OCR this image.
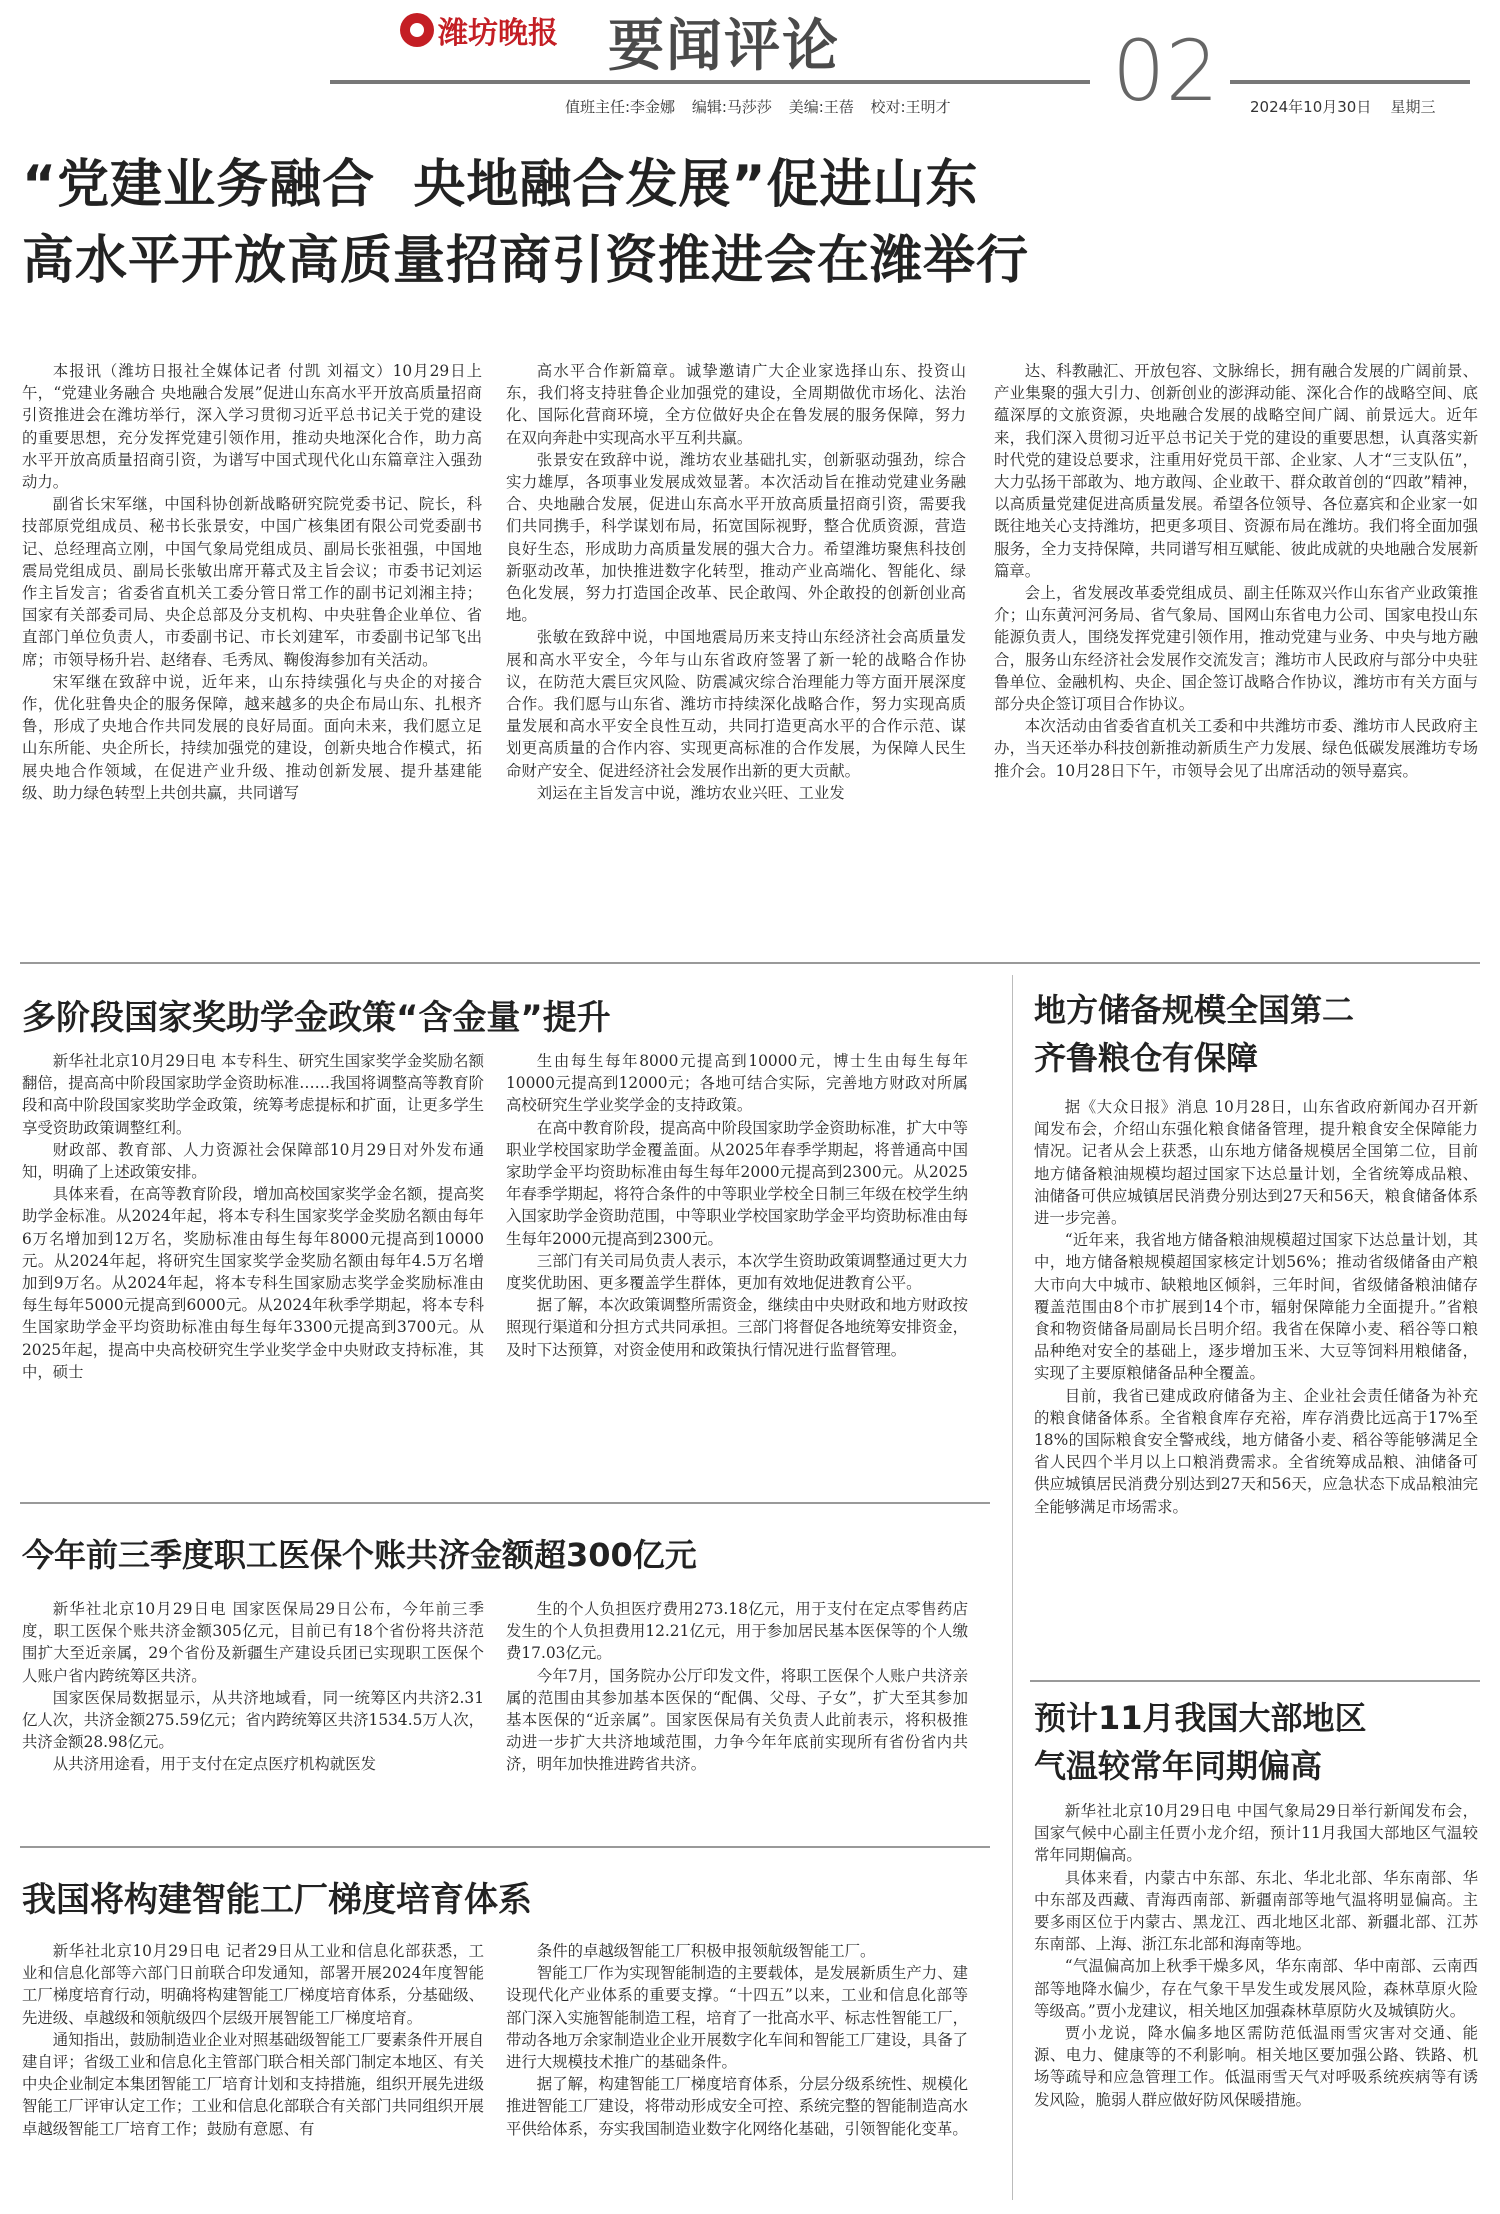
潍坊晚报 要闻评论	02
值班主任:李金娜 编辑:马莎莎 美编:王蓓 校对:王明才	2024年10月30日 星期三
“党建业务融合  央地融合发展”促进山东
高水平开放高质量招商引资推进会在潍举行

本报讯（潍坊日报社全媒体记者 付凯 刘福文）10月29日上午，“党建业务融合 央地融合发展”促进山东高水平开放高质量招商引资推进会在潍坊举行，深入学习贯彻习近平总书记关于党的建设的重要思想，充分发挥党建引领作用，推动央地深化合作，助力高水平开放高质量招商引资，为谱写中国式现代化山东篇章注入强劲动力。

副省长宋军继，中国科协创新战略研究院党委书记、院长，科技部原党组成员、秘书长张景安，中国广核集团有限公司党委副书记、总经理高立刚，中国气象局党组成员、副局长张祖强，中国地震局党组成员、副局长张敏出席开幕式及主旨会议；市委书记刘运作主旨发言；省委省直机关工委分管日常工作的副书记刘湘主持；国家有关部委司局、央企总部及分支机构、中央驻鲁企业单位、省直部门单位负责人，市委副书记、市长刘建军，市委副书记邹飞出席；市领导杨升岩、赵绪春、毛秀凤、鞠俊海参加有关活动。

宋军继在致辞中说，近年来，山东持续强化与央企的对接合作，优化驻鲁央企的服务保障，越来越多的央企布局山东、扎根齐鲁，形成了央地合作共同发展的良好局面。面向未来，我们愿立足山东所能、央企所长，持续加强党的建设，创新央地合作模式，拓展央地合作领域，在促进产业升级、推动创新发展、提升基建能级、助力绿色转型上共创共赢，共同谱写

高水平合作新篇章。诚挚邀请广大企业家选择山东、投资山东，我们将支持驻鲁企业加强党的建设，全周期做优市场化、法治化、国际化营商环境，全方位做好央企在鲁发展的服务保障，努力在双向奔赴中实现高水平互利共赢。

张景安在致辞中说，潍坊农业基础扎实，创新驱动强劲，综合实力雄厚，各项事业发展成效显著。本次活动旨在推动党建业务融合、央地融合发展，促进山东高水平开放高质量招商引资，需要我们共同携手，科学谋划布局，拓宽国际视野，整合优质资源，营造良好生态，形成助力高质量发展的强大合力。希望潍坊聚焦科技创新驱动改革，加快推进数字化转型，推动产业高端化、智能化、绿色化发展，努力打造国企改革、民企敢闯、外企敢投的创新创业高地。

张敏在致辞中说，中国地震局历来支持山东经济社会高质量发展和高水平安全，今年与山东省政府签署了新一轮的战略合作协议，在防范大震巨灾风险、防震减灾综合治理能力等方面开展深度合作。我们愿与山东省、潍坊市持续深化战略合作，努力实现高质量发展和高水平安全良性互动，共同打造更高水平的合作示范、谋划更高质量的合作内容、实现更高标准的合作发展，为保障人民生命财产安全、促进经济社会发展作出新的更大贡献。

刘运在主旨发言中说，潍坊农业兴旺、工业发

达、科教融汇、开放包容、文脉绵长，拥有融合发展的广阔前景、产业集聚的强大引力、创新创业的澎湃动能、深化合作的战略空间、底蕴深厚的文旅资源，央地融合发展的战略空间广阔、前景远大。近年来，我们深入贯彻习近平总书记关于党的建设的重要思想，认真落实新时代党的建设总要求，注重用好党员干部、企业家、人才“三支队伍”，大力弘扬干部敢为、地方敢闯、企业敢干、群众敢首创的“四敢”精神，以高质量党建促进高质量发展。希望各位领导、各位嘉宾和企业家一如既往地关心支持潍坊，把更多项目、资源布局在潍坊。我们将全面加强服务，全力支持保障，共同谱写相互赋能、彼此成就的央地融合发展新篇章。

会上，省发展改革委党组成员、副主任陈双兴作山东省产业政策推介；山东黄河河务局、省气象局、国网山东省电力公司、国家电投山东能源负责人，围绕发挥党建引领作用，推动党建与业务、中央与地方融合，服务山东经济社会发展作交流发言；潍坊市人民政府与部分中央驻鲁单位、金融机构、央企、国企签订战略合作协议，潍坊市有关方面与部分央企签订项目合作协议。

本次活动由省委省直机关工委和中共潍坊市委、潍坊市人民政府主办，当天还举办科技创新推动新质生产力发展、绿色低碳发展潍坊专场推介会。10月28日下午，市领导会见了出席活动的领导嘉宾。

多阶段国家奖助学金政策“含金量”提升

新华社北京10月29日电 本专科生、研究生国家奖学金奖励名额翻倍，提高高中阶段国家助学金资助标准……我国将调整高等教育阶段和高中阶段国家奖助学金政策，统筹考虑提标和扩面，让更多学生享受资助政策调整红利。

财政部、教育部、人力资源社会保障部10月29日对外发布通知，明确了上述政策安排。

具体来看，在高等教育阶段，增加高校国家奖学金名额，提高奖助学金标准。从2024年起，将本专科生国家奖学金奖励名额由每年6万名增加到12万名，奖励标准由每生每年8000元提高到10000元。从2024年起，将研究生国家奖学金奖励名额由每年4.5万名增加到9万名。从2024年起，将本专科生国家励志奖学金奖励标准由每生每年5000元提高到6000元。从2024年秋季学期起，将本专科生国家助学金平均资助标准由每生每年3300元提高到3700元。从2025年起，提高中央高校研究生学业奖学金中央财政支持标准，其中，硕士

生由每生每年8000元提高到10000元，博士生由每生每年10000元提高到12000元；各地可结合实际，完善地方财政对所属高校研究生学业奖学金的支持政策。

在高中教育阶段，提高高中阶段国家助学金资助标准，扩大中等职业学校国家助学金覆盖面。从2025年春季学期起，将普通高中国家助学金平均资助标准由每生每年2000元提高到2300元。从2025年春季学期起，将符合条件的中等职业学校全日制三年级在校学生纳入国家助学金资助范围，中等职业学校国家助学金平均资助标准由每生每年2000元提高到2300元。

三部门有关司局负责人表示，本次学生资助政策调整通过更大力度奖优助困、更多覆盖学生群体，更加有效地促进教育公平。

据了解，本次政策调整所需资金，继续由中央财政和地方财政按照现行渠道和分担方式共同承担。三部门将督促各地统筹安排资金，及时下达预算，对资金使用和政策执行情况进行监督管理。

今年前三季度职工医保个账共济金额超300亿元

新华社北京10月29日电 国家医保局29日公布，今年前三季度，职工医保个账共济金额305亿元，目前已有18个省份将共济范围扩大至近亲属，29个省份及新疆生产建设兵团已实现职工医保个人账户省内跨统筹区共济。

国家医保局数据显示，从共济地域看，同一统筹区内共济2.31亿人次，共济金额275.59亿元；省内跨统筹区共济1534.5万人次，共济金额28.98亿元。

从共济用途看，用于支付在定点医疗机构就医发

生的个人负担医疗费用273.18亿元，用于支付在定点零售药店发生的个人负担费用12.21亿元，用于参加居民基本医保等的个人缴费17.03亿元。

今年7月，国务院办公厅印发文件，将职工医保个人账户共济亲属的范围由其参加基本医保的“配偶、父母、子女”，扩大至其参加基本医保的“近亲属”。国家医保局有关负责人此前表示，将积极推动进一步扩大共济地域范围，力争今年年底前实现所有省份省内共济，明年加快推进跨省共济。

我国将构建智能工厂梯度培育体系

新华社北京10月29日电 记者29日从工业和信息化部获悉，工业和信息化部等六部门日前联合印发通知，部署开展2024年度智能工厂梯度培育行动，明确将构建智能工厂梯度培育体系，分基础级、先进级、卓越级和领航级四个层级开展智能工厂梯度培育。

通知指出，鼓励制造业企业对照基础级智能工厂要素条件开展自建自评；省级工业和信息化主管部门联合相关部门制定本地区、有关中央企业制定本集团智能工厂培育计划和支持措施，组织开展先进级智能工厂评审认定工作；工业和信息化部联合有关部门共同组织开展卓越级智能工厂培育工作；鼓励有意愿、有

条件的卓越级智能工厂积极申报领航级智能工厂。

智能工厂作为实现智能制造的主要载体，是发展新质生产力、建设现代化产业体系的重要支撑。“十四五”以来，工业和信息化部等部门深入实施智能制造工程，培育了一批高水平、标志性智能工厂，带动各地万余家制造业企业开展数字化车间和智能工厂建设，具备了进行大规模技术推广的基础条件。

据了解，构建智能工厂梯度培育体系，分层分级系统性、规模化推进智能工厂建设，将带动形成安全可控、系统完整的智能制造高水平供给体系，夯实我国制造业数字化网络化基础，引领智能化变革。

地方储备规模全国第二
齐鲁粮仓有保障

据《大众日报》消息 10月28日，山东省政府新闻办召开新闻发布会，介绍山东强化粮食储备管理，提升粮食安全保障能力情况。记者从会上获悉，山东地方储备规模居全国第二位，目前地方储备粮油规模均超过国家下达总量计划，全省统筹成品粮、油储备可供应城镇居民消费分别达到27天和56天，粮食储备体系进一步完善。

“近年来，我省地方储备粮油规模超过国家下达总量计划，其中，地方储备粮规模超国家核定计划56%；推动省级储备由产粮大市向大中城市、缺粮地区倾斜，三年时间，省级储备粮油储存覆盖范围由8个市扩展到14个市，辐射保障能力全面提升。”省粮食和物资储备局副局长吕明介绍。我省在保障小麦、稻谷等口粮品种绝对安全的基础上，逐步增加玉米、大豆等饲料用粮储备，实现了主要原粮储备品种全覆盖。

目前，我省已建成政府储备为主、企业社会责任储备为补充的粮食储备体系。全省粮食库存充裕，库存消费比远高于17%至18%的国际粮食安全警戒线，地方储备小麦、稻谷等能够满足全省人民四个半月以上口粮消费需求。全省统筹成品粮、油储备可供应城镇居民消费分别达到27天和56天，应急状态下成品粮油完全能够满足市场需求。

预计11月我国大部地区
气温较常年同期偏高

新华社北京10月29日电 中国气象局29日举行新闻发布会，国家气候中心副主任贾小龙介绍，预计11月我国大部地区气温较常年同期偏高。

具体来看，内蒙古中东部、东北、华北北部、华东南部、华中东部及西藏、青海西南部、新疆南部等地气温将明显偏高。主要多雨区位于内蒙古、黑龙江、西北地区北部、新疆北部、江苏东南部、上海、浙江东北部和海南等地。

“气温偏高加上秋季干燥多风，华东南部、华中南部、云南西部等地降水偏少，存在气象干旱发生或发展风险，森林草原火险等级高。”贾小龙建议，相关地区加强森林草原防火及城镇防火。

贾小龙说，降水偏多地区需防范低温雨雪灾害对交通、能源、电力、健康等的不利影响。相关地区要加强公路、铁路、机场等疏导和应急管理工作。低温雨雪天气对呼吸系统疾病等有诱发风险，脆弱人群应做好防风保暖措施。
